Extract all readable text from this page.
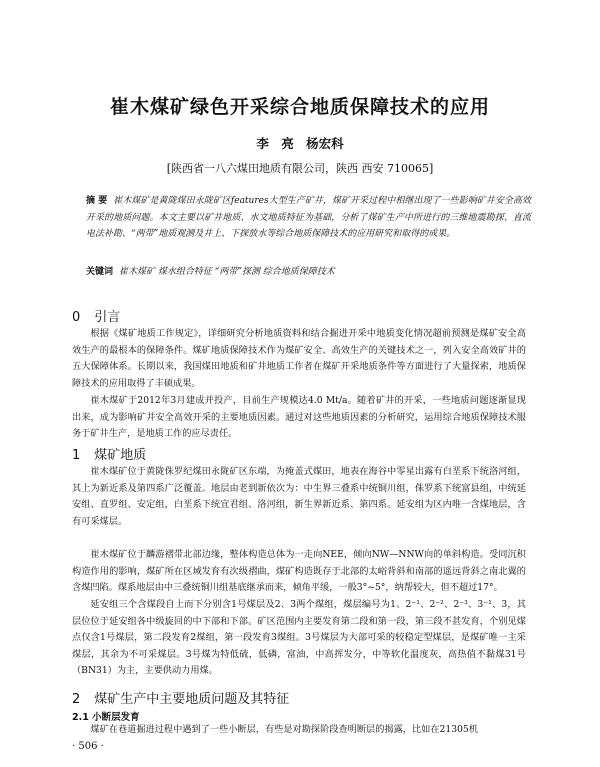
崔木煤矿绿色开采综合地质保障技术的应用
李 亮 杨宏科
[陕西省一八六煤田地质有限公司，陕西 西安 710065]
摘 要 崔木煤矿是黄陇煤田永陇矿区features大型生产矿井，煤矿开采过程中相继出现了一些影响矿井安全高效开采的地质问题。本文主要以矿井地质、水文地质特征为基础，分析了煤矿生产中所进行的三维地震勘探、直流电法补勘、“两带”地质观测及井上、下探放水等综合地质保障技术的应用研究和取得的成果。
关键词 崔木煤矿 煤水组合特征 “两带”探测 综合地质保障技术
0 引言
根据《煤矿地质工作规定》，详细研究分析地质资料和结合掘进开采中地质变化情况超前预测是煤矿安全高效生产的最根本的保障条件。煤矿地质保障技术作为煤矿安全、高效生产的关键技术之一，列入安全高效矿井的五大保障体系。长期以来，我国煤田地质和矿井地质工作者在煤矿开采地质条件等方面进行了大量探索，地质保障技术的应用取得了丰硕成果。
崔木煤矿于2012年3月建成并投产，目前生产规模达4.0 Mt/a。随着矿井的开采，一些地质问题逐渐显现出来，成为影响矿井安全高效开采的主要地质因素。通过对这些地质因素的分析研究，运用综合地质保障技术服务于矿井生产，是地质工作的应尽责任。
1 煤矿地质
崔木煤矿位于黄陇侏罗纪煤田永陇矿区东端，为掩盖式煤田，地表在海谷中零星出露有白垩系下统洛河组，其上为新近系及第四系广泛覆盖。地层由老到新依次为：中生界三叠系中统铜川组，侏罗系下统富县组，中统延安组、直罗组、安定组，白垩系下统宜君组、洛河组，新生界新近系、第四系。延安组为区内唯一含煤地层，含有可采煤层。
崔木煤矿位于麟游褶带北部边缘，整体构造总体为一走向NEE，倾向NW—NNW向的单斜构造。受同沉积构造作用的影响，煤矿所在区域发育有次级褶曲，煤矿构造既存于北部的太峪背斜和南部的遥远背斜之南北翼的含煤凹陷。煤系地层由中三叠统铜川组基底继承而来，倾角平缓，一般3°~5°，纳帮较大，但不超过17°。
延安组三个含煤段自上而下分别含1号煤层及2、3两个煤组，煤层编号为1、2⁻¹、2⁻²、2⁻³、3⁻¹、3，其层位位于延安组各中级旋回的中下部和下部。矿区范围内主要发育第二段和第一段，第三段不甚发育，个别见煤点仅含1号煤层，第二段发育2煤组，第一段发育3煤组。3号煤层为大部可采的较稳定型煤层，是煤矿唯一主采煤层，其余为不可采煤层。3号煤为特低硫，低磷，富油，中高挥发分，中等软化温度灰，高热值不黏煤31号（BN31）为主，主要供动力用煤。
2 煤矿生产中主要地质问题及其特征
2.1 小断层发育
煤矿在巷道掘进过程中遇到了一些小断层，有些是对勘探阶段查明断层的揭露，比如在21305机
· 506 ·
